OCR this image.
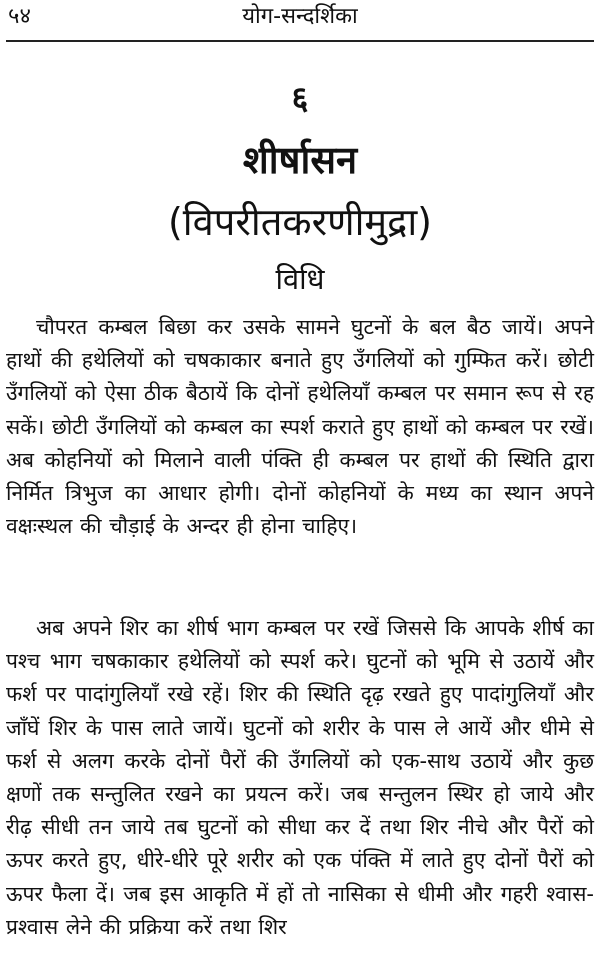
५४	योग-सन्दर्शिका
६
शीर्षासन
(विपरीतकरणीमुद्रा)
विधि

चौपरत कम्बल बिछा कर उसके सामने घुटनों के बल बैठ जायें। अपने हाथों की हथेलियों को चषकाकार बनाते हुए उँगलियों को गुम्फित करें। छोटी उँगलियों को ऐसा ठीक बैठायें कि दोनों हथेलियाँ कम्बल पर समान रूप से रह सकें। छोटी उँगलियों को कम्बल का स्पर्श कराते हुए हाथों को कम्बल पर रखें। अब कोहनियों को मिलाने वाली पंक्ति ही कम्बल पर हाथों की स्थिति द्वारा निर्मित त्रिभुज का आधार होगी। दोनों कोहनियों के मध्य का स्थान अपने वक्षःस्थल की चौड़ाई के अन्दर ही होना चाहिए।

अब अपने शिर का शीर्ष भाग कम्बल पर रखें जिससे कि आपके शीर्ष का पश्च भाग चषकाकार हथेलियों को स्पर्श करे। घुटनों को भूमि से उठायें और फर्श पर पादांगुलियाँ रखे रहें। शिर की स्थिति दृढ़ रखते हुए पादांगुलियाँ और जाँघें शिर के पास लाते जायें। घुटनों को शरीर के पास ले आयें और धीमे से फर्श से अलग करके दोनों पैरों की उँगलियों को एक-साथ उठायें और कुछ क्षणों तक सन्तुलित रखने का प्रयत्न करें। जब सन्तुलन स्थिर हो जाये और रीढ़ सीधी तन जाये तब घुटनों को सीधा कर दें तथा शिर नीचे और पैरों को ऊपर करते हुए, धीरे-धीरे पूरे शरीर को एक पंक्ति में लाते हुए दोनों पैरों को ऊपर फैला दें। जब इस आकृति में हों तो नासिका से धीमी और गहरी श्वास-प्रश्वास लेने की प्रक्रिया करें तथा शिर
